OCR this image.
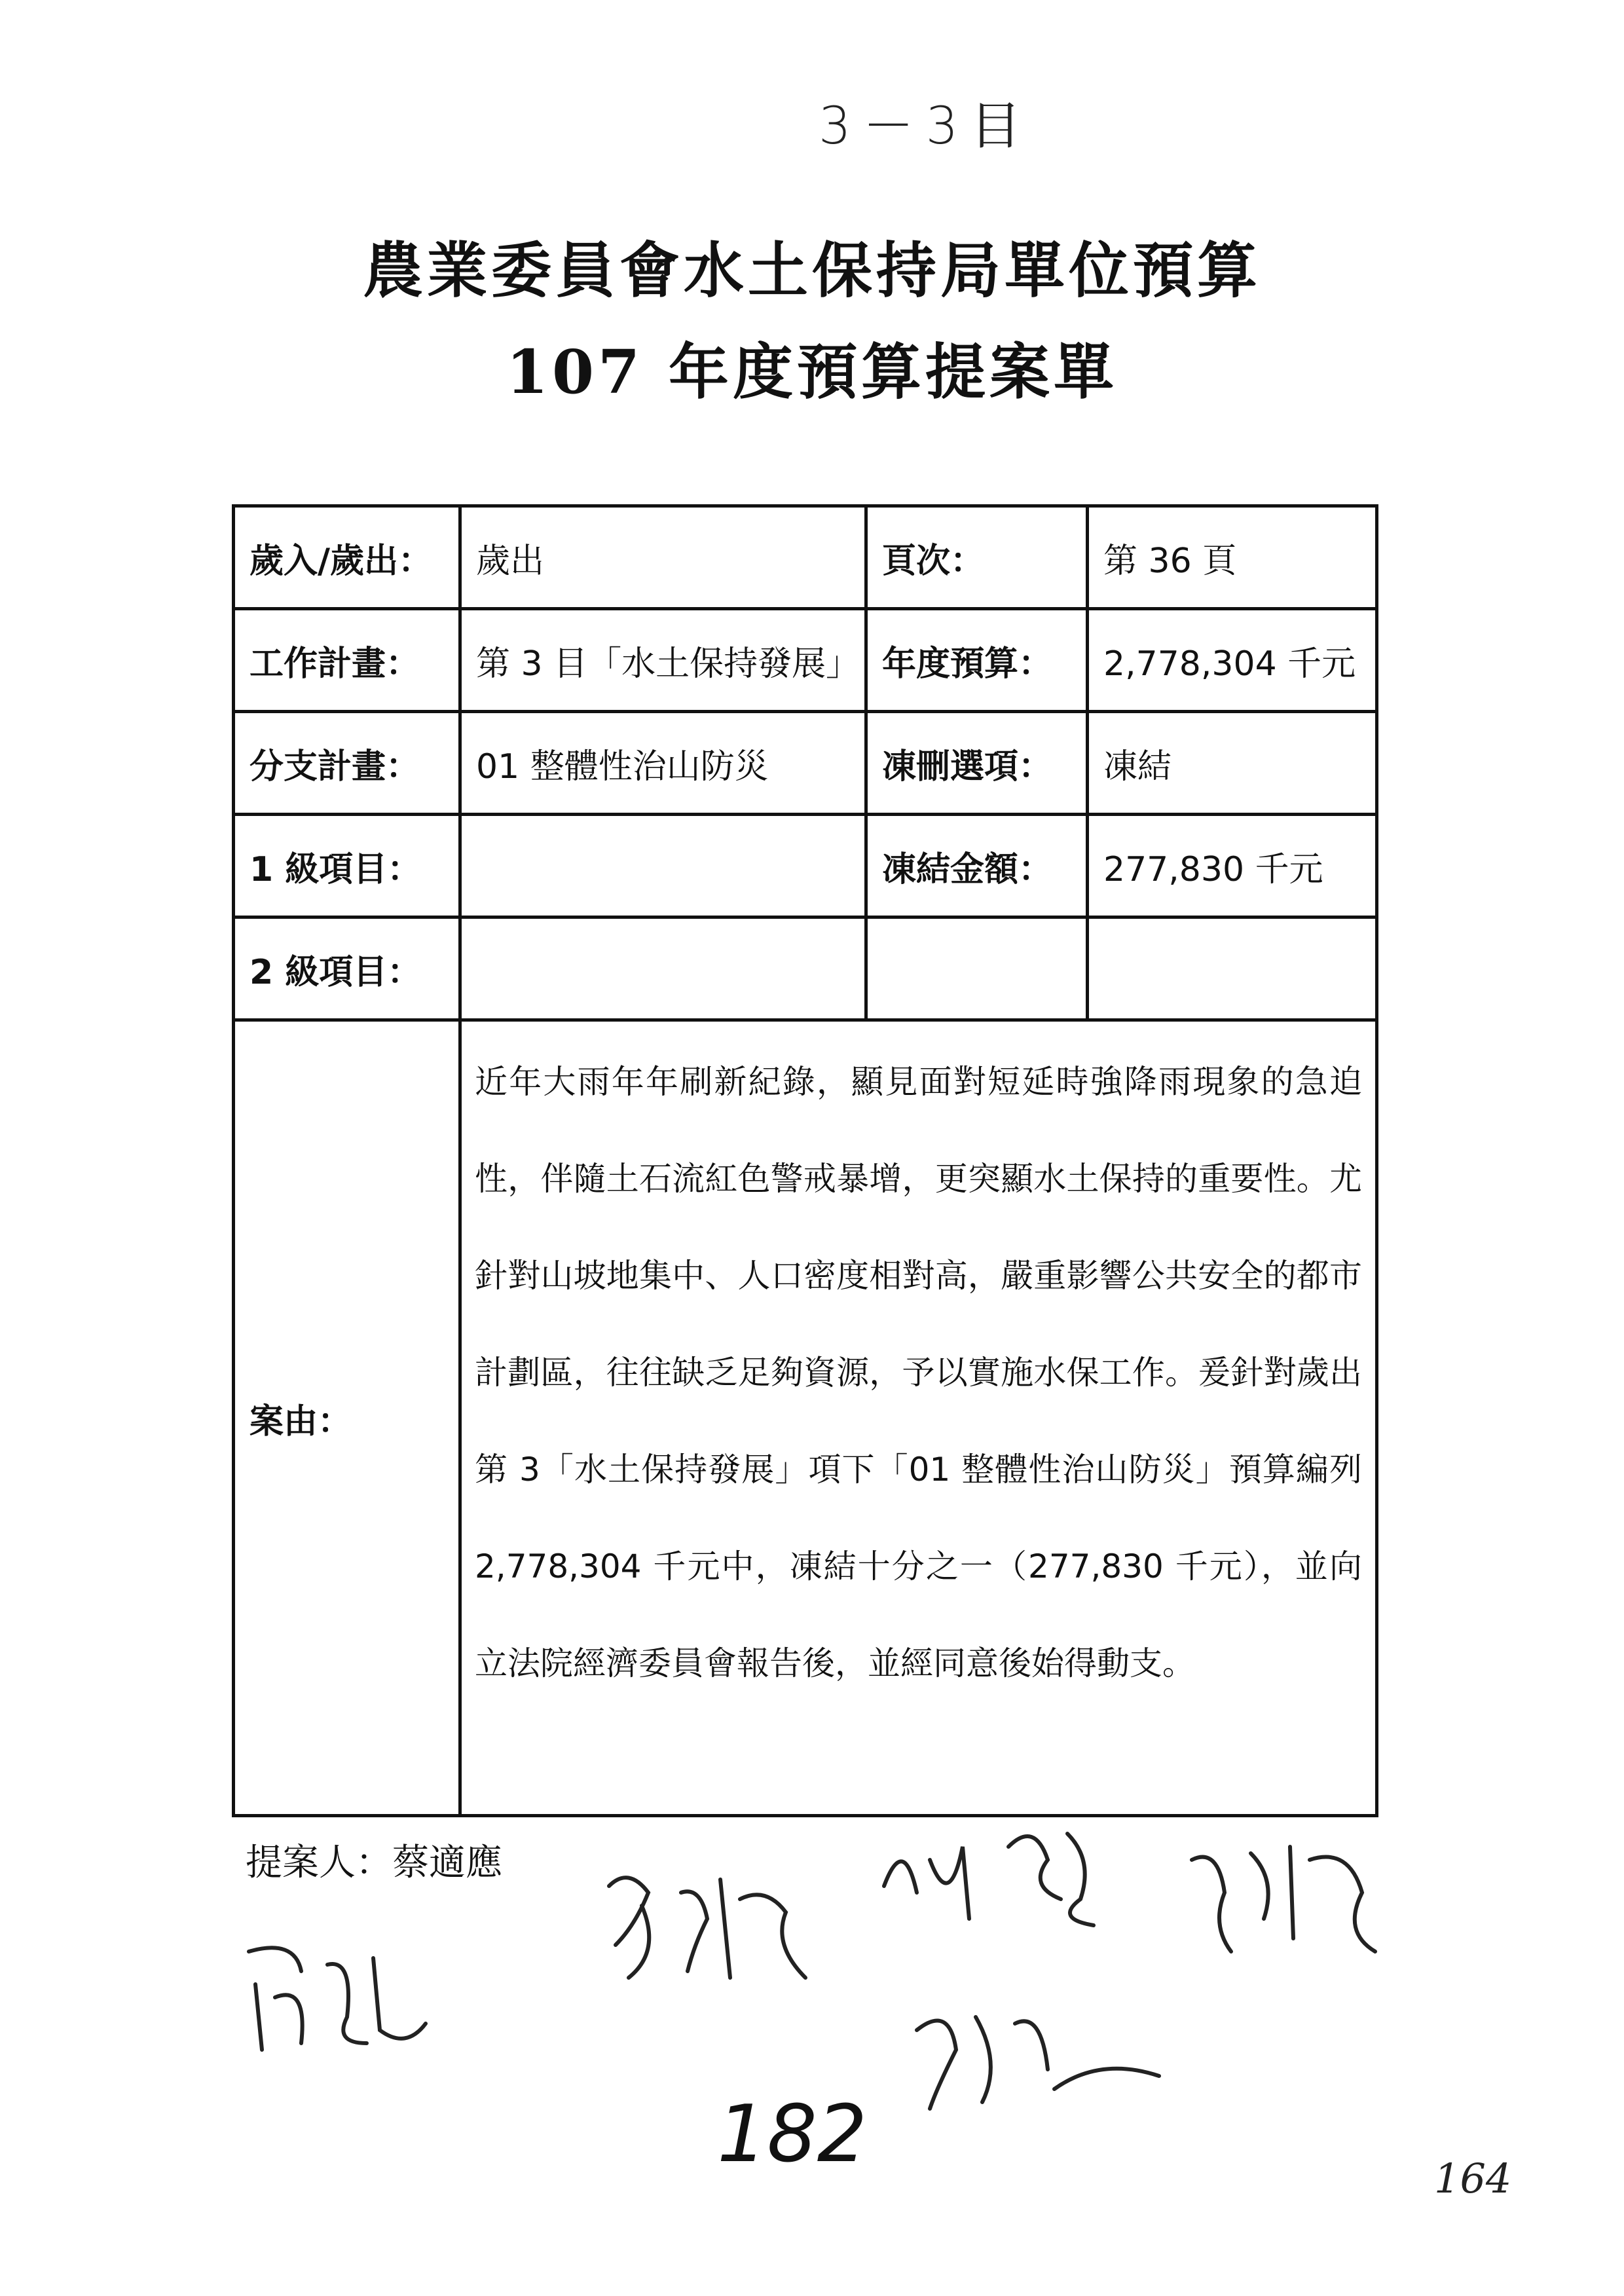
3－3目
農業委員會水土保持局單位預算
107 年度預算提案單
歲入/歲出：	歲出	頁次：	第 36 頁
工作計畫：	第 3 目「水土保持發展」	年度預算：	2,778,304 千元
分支計畫：	01 整體性治山防災	凍刪選項：	凍結
1 級項目：		凍結金額：	277,830 千元
2 級項目：			
案由：	近年大雨年年刷新紀錄，顯見面對短延時強降雨現象的急迫性，伴隨土石流紅色警戒暴增，更突顯水土保持的重要性。尤針對山坡地集中、人口密度相對高，嚴重影響公共安全的都市計劃區，往往缺乏足夠資源，予以實施水保工作。爰針對歲出第 3「水土保持發展」項下「01 整體性治山防災」預算編列 2,778,304 千元中，凍結十分之一（277,830 千元），並向立法院經濟委員會報告後，並經同意後始得動支。		
提案人：蔡適應
182	164
